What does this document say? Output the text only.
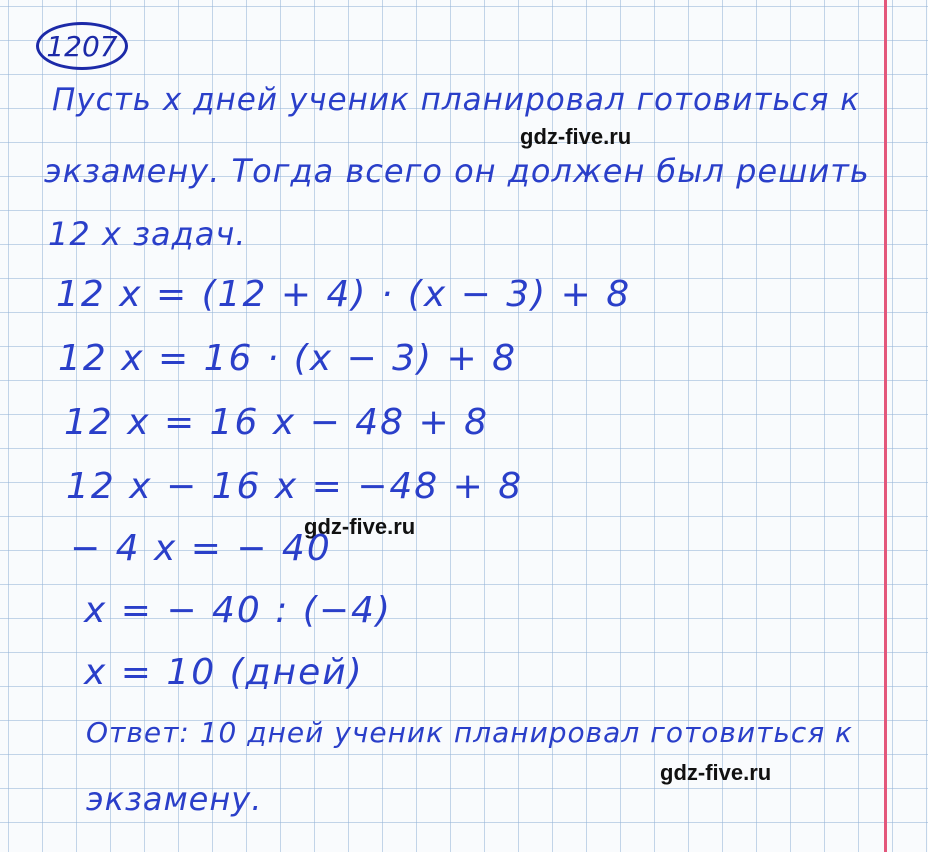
1207
Пусть x дней ученик планировал готовиться к
gdz-five.ru
экзамену. Тогда всего он должен был решить
12 x задач.
12 x = (12 + 4) · (x − 3) + 8
12 x = 16 · (x − 3) + 8
12 x = 16 x − 48 + 8
12 x − 16 x = −48 + 8
gdz-five.ru
− 4 x = − 40
x = − 40 : (−4)
x = 10 (дней)
Ответ: 10 дней ученик планировал готовиться к
gdz-five.ru
экзамену.
